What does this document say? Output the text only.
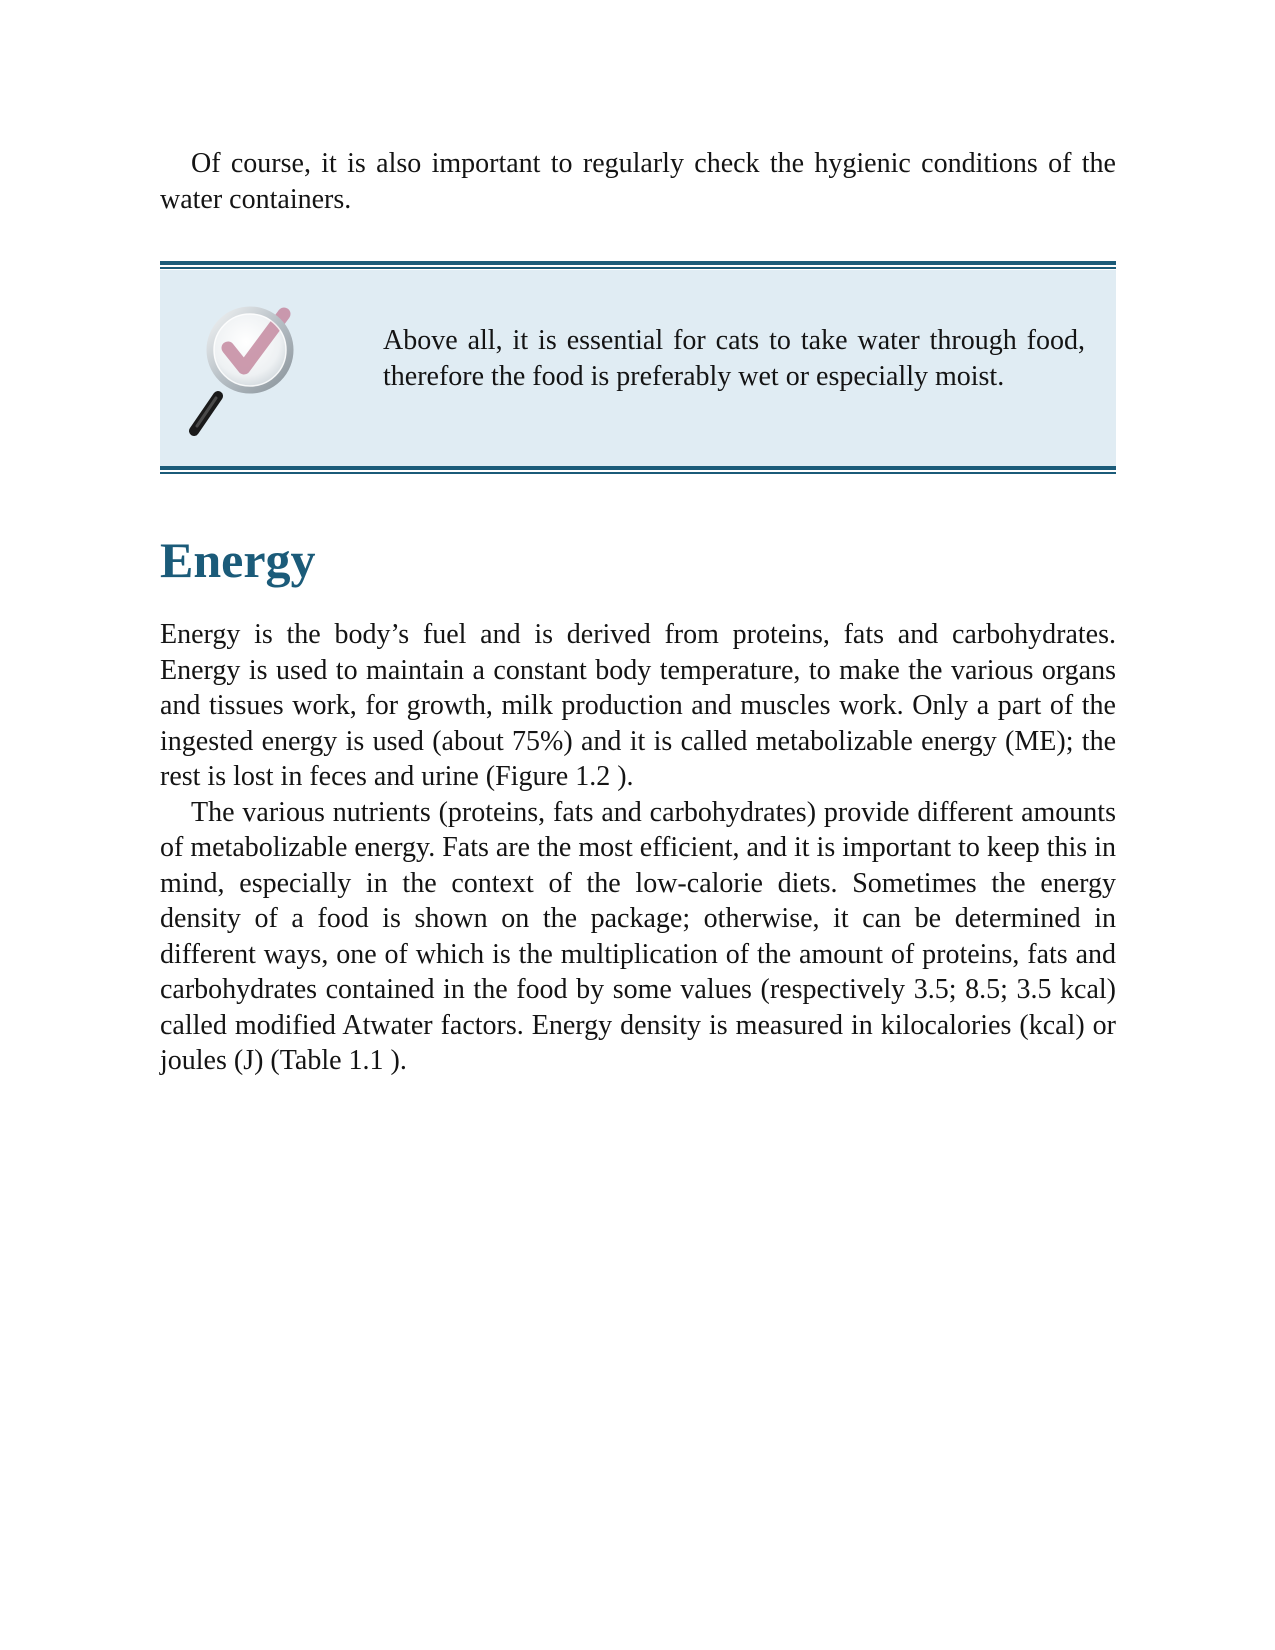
Of course, it is also important to regularly check the hygienic conditions of the water containers.

Above all, it is essential for cats to take water through food, therefore the food is preferably wet or especially moist.

Energy

Energy is the body’s fuel and is derived from proteins, fats and carbohydrates. Energy is used to maintain a constant body temperature, to make the various organs and tissues work, for growth, milk production and muscles work. Only a part of the ingested energy is used (about 75%) and it is called metabolizable energy (ME); the rest is lost in feces and urine (Figure 1.2 ).

The various nutrients (proteins, fats and carbohydrates) provide different amounts of metabolizable energy. Fats are the most efficient, and it is important to keep this in mind, especially in the context of the low-calorie diets. Sometimes the energy density of a food is shown on the package; otherwise, it can be determined in different ways, one of which is the multiplication of the amount of proteins, fats and carbohydrates contained in the food by some values (respectively 3.5; 8.5; 3.5 kcal) called modified Atwater factors. Energy density is measured in kilocalories (kcal) or joules (J) (Table 1.1 ).
